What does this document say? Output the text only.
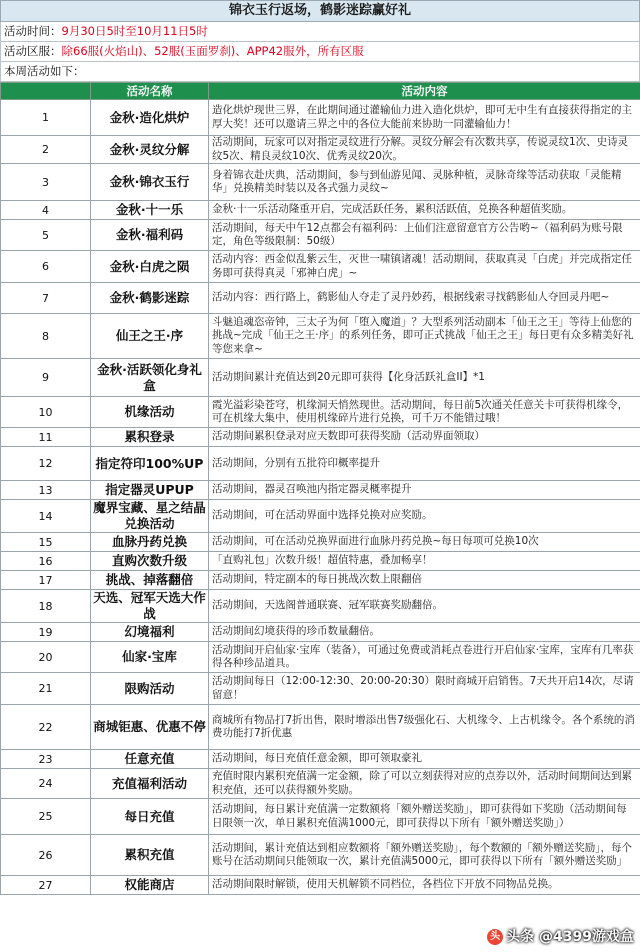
锦衣玉行返场，鹤影迷踪赢好礼
活动时间：9月30日5时至10月11日5时
活动区服：除66服(火焰山)、52服(玉面罗刹)、APP42服外，所有区服
本周活动如下：
	活动名称	活动内容
1	金秋·造化烘炉	造化烘炉现世三界，在此期间通过灌输仙力进入造化烘炉，即可无中生有直接获得指定的主厚大奖！还可以邀请三界之中的各位大能前来协助一同灌输仙力！
2	金秋·灵纹分解	活动期间，玩家可以对指定灵纹进行分解。灵纹分解会有次数共享，传说灵纹1次、史诗灵纹5次、精良灵纹10次、优秀灵纹20次。
3	金秋·锦衣玉行	身着锦衣赴庆典，活动期间，参与到仙游见闻、灵脉种植，灵脉奇缘等活动获取「灵能精华」兑换精美时装以及各式强力灵纹~
4	金秋·十一乐	金秋·十一乐活动隆重开启，完成活跃任务，累积活跃值，兑换各种超值奖励。
5	金秋·福利码	活动期间，每天中午12点都会有福利码：上仙们注意留意官方公告哟~（福利码为账号限定，角色等级限制：50级）
6	金秋·白虎之陨	活动内容：西金似乱紫云生，灭世一啸镇诸魂！活动期间，获取真灵「白虎」并完成指定任务即可获得真灵「邪神白虎」~
7	金秋·鹤影迷踪	活动内容：西行路上，鹤影仙人夺走了灵丹妙药，根据线索寻找鹤影仙人夺回灵丹吧~
8	仙王之王·序	斗魅追魂恣帝钟，三太子为何「堕入魔道」？大型系列活动副本「仙王之王」等待上仙您的挑战~完成「仙王之王·序」的系列任务，即可正式挑战「仙王之王」每日更有众多精美好礼等您来拿~
9	金秋·活跃领化身礼盒	活动期间累计充值达到20元即可获得【化身活跃礼盒II】*1
10	机缘活动	霞光溢彩染苍穹，机缘洞天悄然现世。活动期间，每日前5次通关任意关卡可获得机缘令，可在机缘大集中，使用机缘碎片进行兑换，可千万不能错过哦！
11	累积登录	活动期间累积登录对应天数即可获得奖励（活动界面领取）
12	指定符印100%UP	活动期间，分别有五批符印概率提升
13	指定器灵UPUP	活动期间，器灵召唤池内指定器灵概率提升
14	魔界宝藏、星之结晶兑换活动	活动期间，可在活动界面中选择兑换对应奖励。
15	血脉丹药兑换	活动期间，可在活动兑换界面进行血脉丹药兑换~每日每项可兑换10次
16	直购次数升级	「直购礼包」次数升级！超值特惠，叠加畅享！
17	挑战、掉落翻倍	活动期间，特定副本的每日挑战次数上限翻倍
18	天选、冠军天选大作战	活动期间，天选阁普通联赛、冠军联赛奖励翻倍。
19	幻境福利	活动期间幻境获得的珍币数量翻倍。
20	仙家·宝库	活动期间开启仙家·宝库（装备），可通过免费或消耗点卷进行开启仙家·宝库，宝库有几率获得各种珍品道具。
21	限购活动	活动期间每日（12:00-12:30、20:00-20:30）限时商城开启销售。7天共开启14次，尽请留意！
22	商城钜惠、优惠不停	商城所有物品打7折出售，限时增添出售7级强化石、大机缘令、上古机缘令。各个系统的消费功能打7折优惠
23	任意充值	活动期间，每日充值任意金额，即可领取豪礼
24	充值福利活动	充值时限内累积充值满一定金额，除了可以立刻获得对应的点券以外，活动时间期间达到累积充值，还可以获得额外奖励。
25	每日充值	活动期间，每日累计充值满一定数额将「额外赠送奖励」，即可获得如下奖励（活动期间每日限领一次，单日累积充值满1000元，即可获得以下所有「额外赠送奖励」）
26	累积充值	活动期间，累计充值达到相应数额将「额外赠送奖励」，每个数额的「额外赠送奖励」，每个账号在活动期间只能领取一次，累计充值满5000元，即可获得以下所有「额外赠送奖励」
27	权能商店	活动期间限时解锁，使用天机解锁不同档位，各档位下开放不同物品兑换。
头 头条 @4399游戏盒
